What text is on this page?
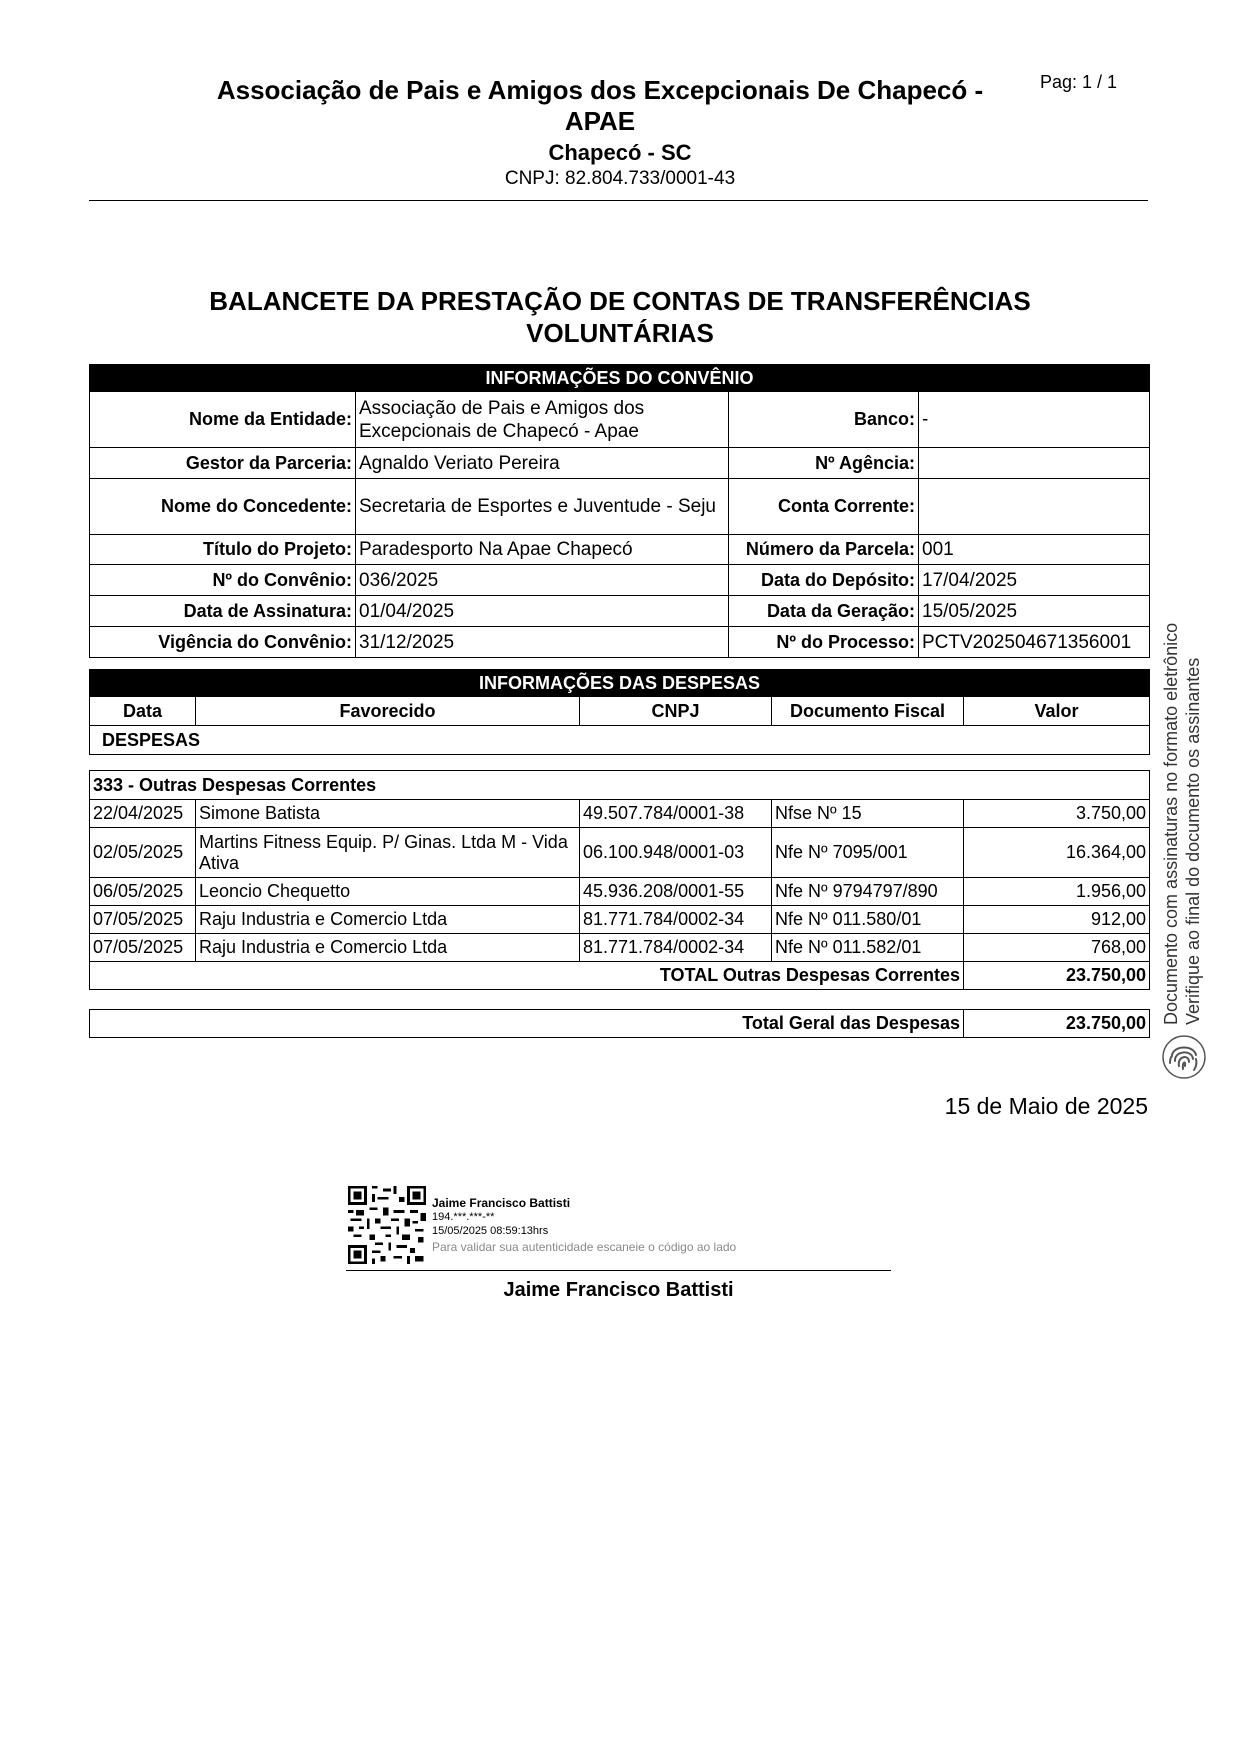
Associação de Pais e Amigos dos Excepcionais De Chapecó -
APAE
Chapecó - SC
CNPJ: 82.804.733/0001-43
Pag: 1 / 1
BALANCETE DA PRESTAÇÃO DE CONTAS DE TRANSFERÊNCIAS
VOLUNTÁRIAS
INFORMAÇÕES DO CONVÊNIO			
Nome da Entidade:	Associação de Pais e Amigos dos Excepcionais de Chapecó - Apae	Banco:	-
Gestor da Parceria:	Agnaldo Veriato Pereira	Nº Agência:	
Nome do Concedente:	Secretaria de Esportes e Juventude - Seju	Conta Corrente:	
Título do Projeto:	Paradesporto Na Apae Chapecó	Número da Parcela:	001
Nº do Convênio:	036/2025	Data do Depósito:	17/04/2025
Data de Assinatura:	01/04/2025	Data da Geração:	15/05/2025
Vigência do Convênio:	31/12/2025	Nº do Processo:	PCTV202504671356001
INFORMAÇÕES DAS DESPESAS
Data	Favorecido	CNPJ	Documento Fiscal	Valor
DESPESAS
333 - Outras Despesas Correntes				
22/04/2025	Simone Batista	49.507.784/0001-38	Nfse Nº 15	3.750,00
02/05/2025	Martins Fitness Equip. P/ Ginas. Ltda M - Vida Ativa	06.100.948/0001-03	Nfe Nº 7095/001	16.364,00
06/05/2025	Leoncio Chequetto	45.936.208/0001-55	Nfe Nº 9794797/890	1.956,00
07/05/2025	Raju Industria e Comercio Ltda	81.771.784/0002-34	Nfe Nº 011.580/01	912,00
07/05/2025	Raju Industria e Comercio Ltda	81.771.784/0002-34	Nfe Nº 011.582/01	768,00
TOTAL Outras Despesas Correntes				23.750,00
Total Geral das Despesas	23.750,00
15 de Maio de 2025
Jaime Francisco Battisti
194.***.***-**
15/05/2025 08:59:13hrs
Para validar sua autenticidade escaneie o código ao lado
Jaime Francisco Battisti
Documento com assinaturas no formato eletrônico Verifique ao final do documento os assinantes
